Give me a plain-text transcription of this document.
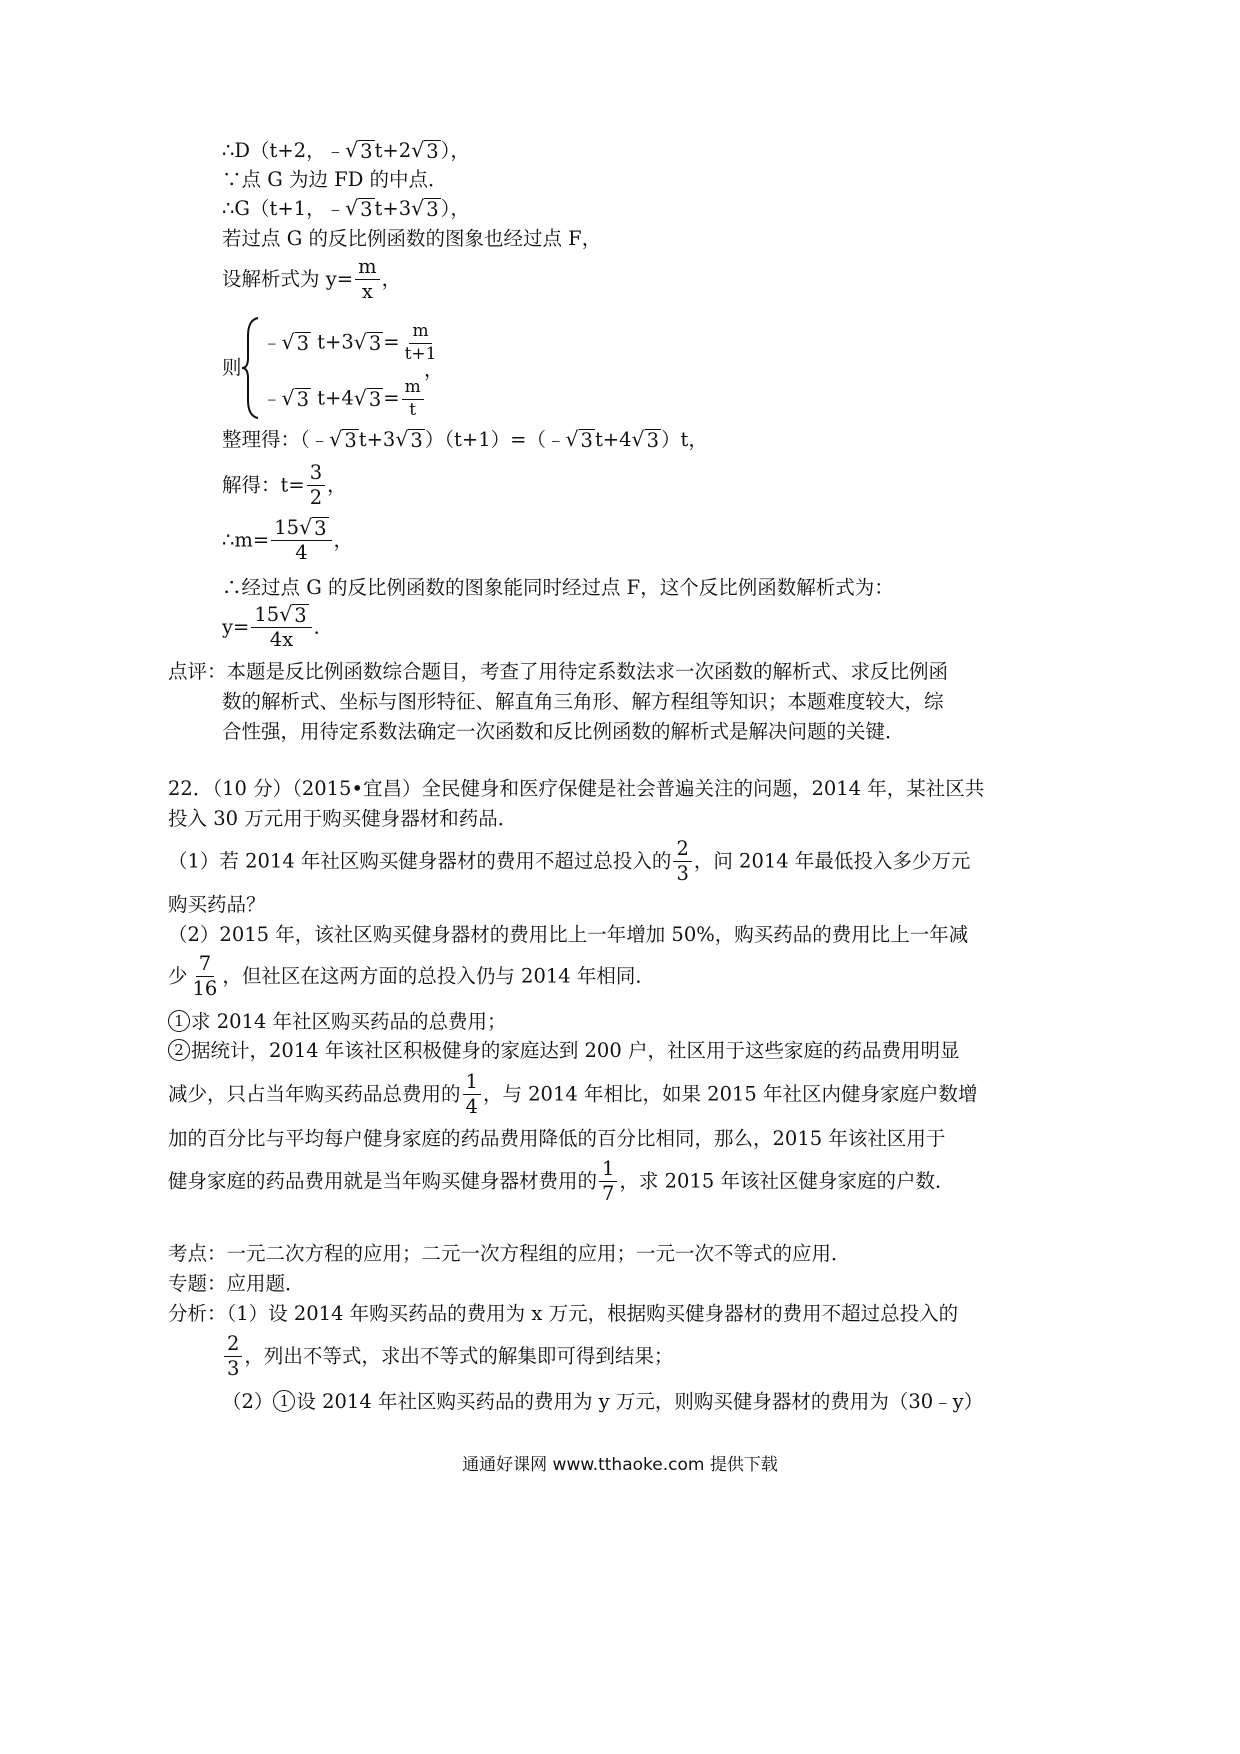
∴D（t+2，﹣ √ 3 t+2 √ 3 ），
∵点 G 为边 FD 的中点．
∴G（t+1，﹣ √ 3 t+3 √ 3 ），
若过点 G 的反比例函数的图象也经过点 F，
设解析式为 $y= \frac{m}{x}$ ，
则
﹣ √ 3 t+3 √ $3 = \frac{m}{t+1}$
，
﹣ √ 3 t+4 √ $3 = \frac{m}{t}$
整理得：（﹣ √ 3 t+3 √ 3 ）（t+1）=（﹣ √ 3 t+4 √ 3 ）t，
解得：$t= \frac{3}{2}$ ，
∴m= $\frac{15 √ 3}{4}$ ，
∴经过点 G 的反比例函数的图象能同时经过点 F，这个反比例函数解析式为：
$y= \frac{15 √ 3}{4x}$ ．
点评：本题是反比例函数综合题目，考查了用待定系数法求一次函数的解析式、求反比例函
数的解析式、坐标与图形特征、解直角三角形、解方程组等知识；本题难度较大，综
合性强，用待定系数法确定一次函数和反比例函数的解析式是解决问题的关键．
22．（10 分）（2015•宜昌）全民健身和医疗保健是社会普遍关注的问题，2014 年，某社区共
投入 30 万元用于购买健身器材和药品．
（1）若 2014 年社区购买健身器材的费用不超过总投入的 $\frac{2}{3}$ ，问 2014 年最低投入多少万元
购买药品？
（2）2015 年，该社区购买健身器材的费用比上一年增加 50%，购买药品的费用比上一年减
少 $\frac{7}{16}$ ，但社区在这两方面的总投入仍与 2014 年相同．
1 求 2014 年社区购买药品的总费用；
2 据统计，2014 年该社区积极健身的家庭达到 200 户，社区用于这些家庭的药品费用明显
减少，只占当年购买药品总费用的 $\frac{1}{4}$ ，与 2014 年相比，如果 2015 年社区内健身家庭户数增
加的百分比与平均每户健身家庭的药品费用降低的百分比相同，那么，2015 年该社区用于
健身家庭的药品费用就是当年购买健身器材费用的 $\frac{1}{7}$ ，求 2015 年该社区健身家庭的户数．
考点：一元二次方程的应用；二元一次方程组的应用；一元一次不等式的应用．
专题：应用题．
分析：（1）设 2014 年购买药品的费用为 x 万元，根据购买健身器材的费用不超过总投入的
$\frac{2}{3}$ ，列出不等式，求出不等式的解集即可得到结果；
（2） 1 设 2014 年社区购买药品的费用为 y 万元，则购买健身器材的费用为（30﹣y）
通通好课网 www.tthaoke.com 提供下载
